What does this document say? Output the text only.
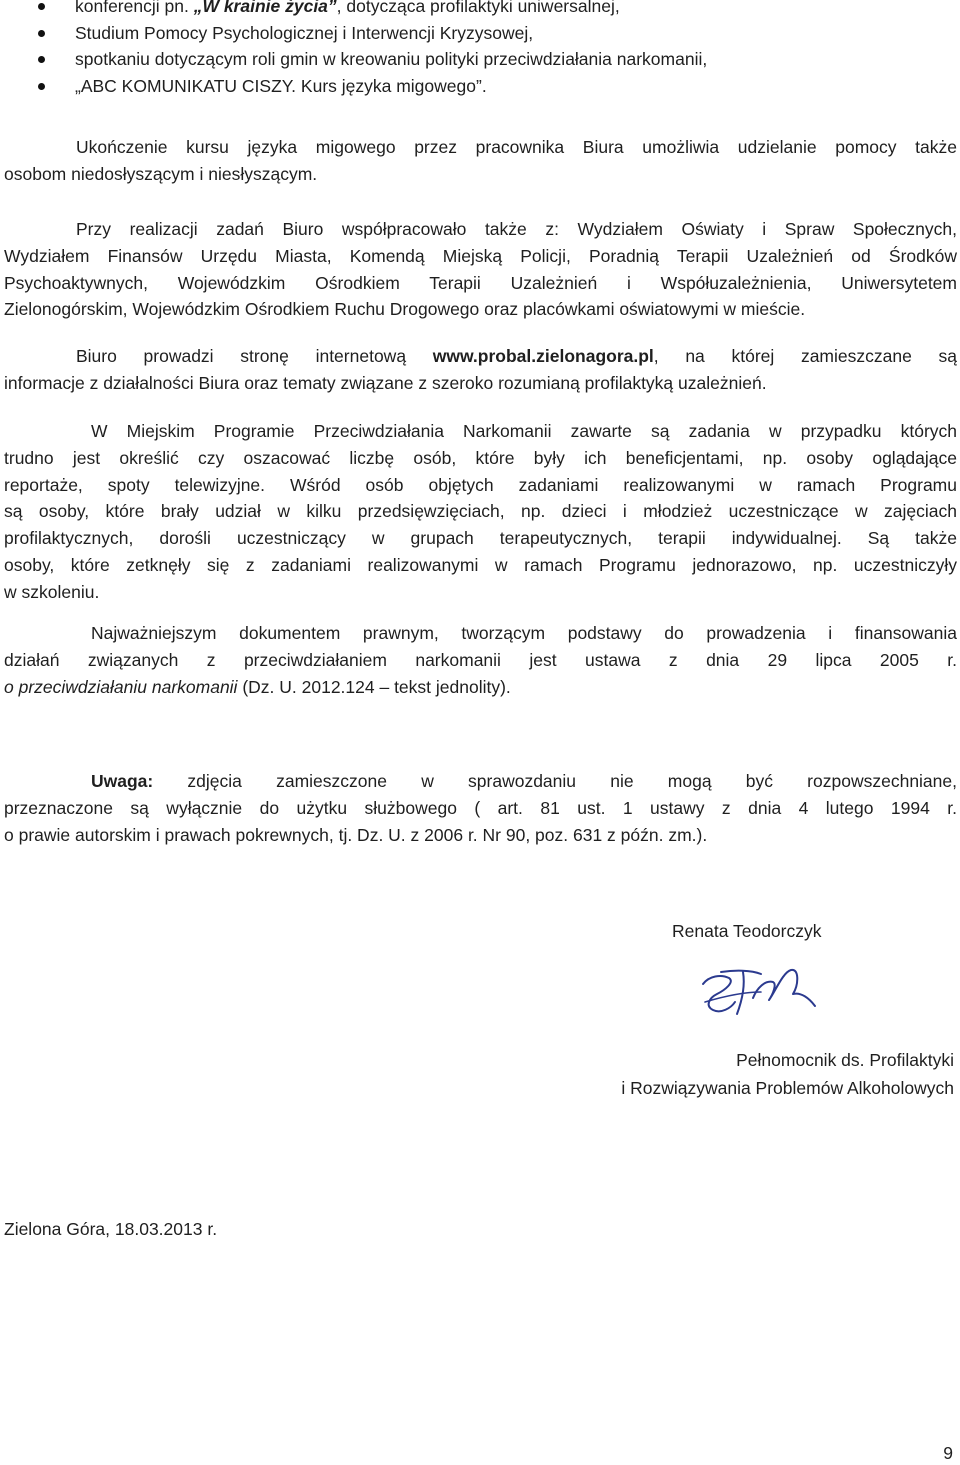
konferencji pn. „W krainie życia”, dotycząca profilaktyki uniwersalnej,
Studium Pomocy Psychologicznej i Interwencji Kryzysowej,
spotkaniu dotyczącym roli gmin w kreowaniu polityki przeciwdziałania narkomanii,
„ABC KOMUNIKATU CISZY. Kurs języka migowego”.
Ukończenie kursu języka migowego przez pracownika Biura umożliwia udzielanie pomocy także
osobom niedosłyszącym i niesłyszącym.
Przy realizacji zadań Biuro współpracowało także z: Wydziałem Oświaty i Spraw Społecznych,
Wydziałem Finansów Urzędu Miasta, Komendą Miejską Policji, Poradnią Terapii Uzależnień od Środków
Psychoaktywnych, Wojewódzkim Ośrodkiem Terapii Uzależnień i Współuzależnienia, Uniwersytetem
Zielonogórskim, Wojewódzkim Ośrodkiem Ruchu Drogowego oraz placówkami oświatowymi w mieście.
Biuro prowadzi stronę internetową www.probal.zielonagora.pl, na której zamieszczane są
informacje z działalności Biura oraz tematy związane z szeroko rozumianą profilaktyką uzależnień.
W Miejskim Programie Przeciwdziałania Narkomanii zawarte są zadania w przypadku których
trudno jest określić czy oszacować liczbę osób, które były ich beneficjentami, np. osoby oglądające
reportaże, spoty telewizyjne. Wśród osób objętych zadaniami realizowanymi w ramach Programu
są osoby, które brały udział w kilku przedsięwzięciach, np. dzieci i młodzież uczestniczące w zajęciach
profilaktycznych, dorośli uczestniczący w grupach terapeutycznych, terapii indywidualnej. Są także
osoby, które zetknęły się z zadaniami realizowanymi w ramach Programu jednorazowo, np. uczestniczyły
w szkoleniu.
Najważniejszym dokumentem prawnym, tworzącym podstawy do prowadzenia i finansowania
działań związanych z przeciwdziałaniem narkomanii jest ustawa z dnia 29 lipca 2005 r.
o przeciwdziałaniu narkomanii (Dz. U. 2012.124 – tekst jednolity).
Uwaga: zdjęcia zamieszczone w sprawozdaniu nie mogą być rozpowszechniane,
przeznaczone są wyłącznie do użytku służbowego ( art. 81 ust. 1 ustawy z dnia 4 lutego 1994 r.
o prawie autorskim i prawach pokrewnych, tj. Dz. U. z 2006 r. Nr 90, poz. 631 z późn. zm.).
Renata Teodorczyk
Pełnomocnik ds. Profilaktyki
i Rozwiązywania Problemów Alkoholowych
Zielona Góra, 18.03.2013 r.
9
